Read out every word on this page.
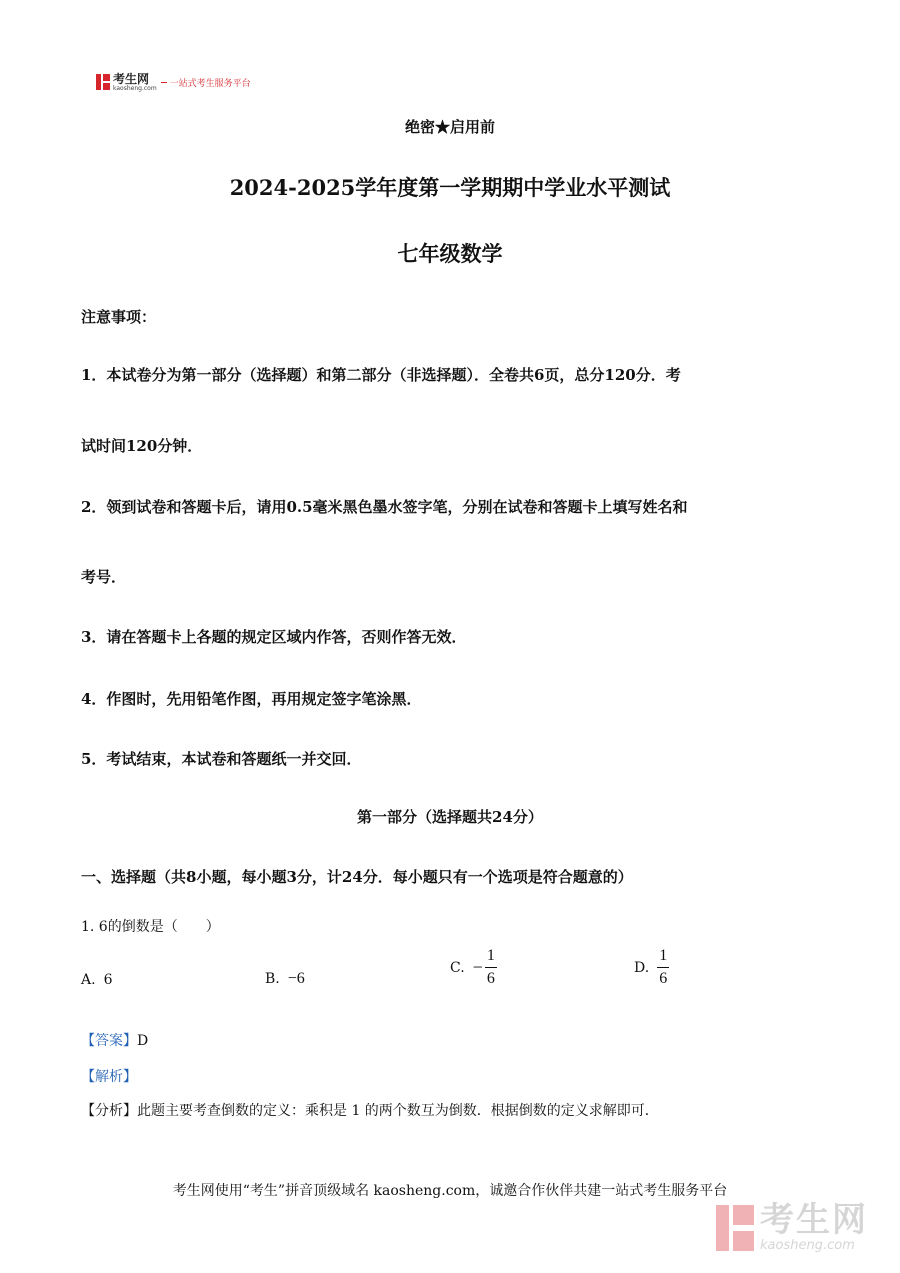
考生网
kaosheng.com 一站式考生服务平台
绝密★启用前
2024-2025学年度第一学期期中学业水平测试
七年级数学
注意事项：
1．本试卷分为第一部分（选择题）和第二部分（非选择题）．全卷共6页，总分120分．考
试时间120分钟．
2．领到试卷和答题卡后，请用0.5毫米黑色墨水签字笔，分别在试卷和答题卡上填写姓名和
考号．
3．请在答题卡上各题的规定区域内作答，否则作答无效．
4．作图时，先用铅笔作图，再用规定签字笔涂黑．
5．考试结束，本试卷和答题纸一并交回．
第一部分（选择题共24分）
一、选择题（共8小题，每小题3分，计24分．每小题只有一个选项是符合题意的）
1. 6的倒数是（　　）
A. 6	B. −6
C. − $\frac{1}{6}$	D. $\frac{1}{6}$
【答案】D
【解析】
【分析】此题主要考查倒数的定义：乘积是 1 的两个数互为倒数．根据倒数的定义求解即可．
考生网使用“考生”拼音顶级域名 kaosheng.com，诚邀合作伙伴共建一站式考生服务平台
考生网
kaosheng.com
